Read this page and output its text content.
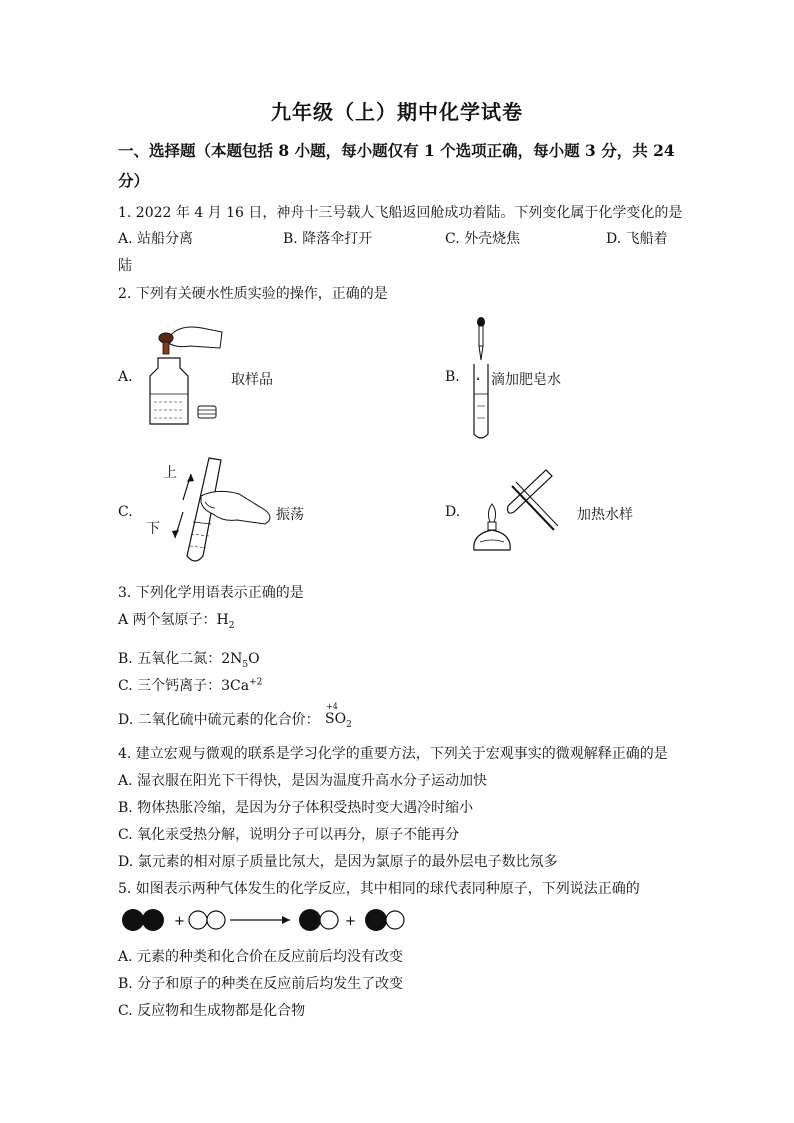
九年级（上）期中化学试卷
一、选择题（本题包括 8 小题，每小题仅有 1 个选项正确，每小题 3 分，共 24
分）
1. 2022 年 4 月 16 日，神舟十三号载人飞船返回舱成功着陆。下列变化属于化学变化的是
A. 站船分离	B. 降落伞打开	C. 外壳烧焦	D. 飞船着
陆
2. 下列有关硬水性质实验的操作，正确的是
A.	取样品	B. 滴加肥皂水
C.
上
下
振荡	D.	加热水样
3. 下列化学用语表示正确的是
A 两个氢原子：$H_2$
B. 五氧化二氮：$2N_5O$
C. 三个钙离子：$3Ca^{+2}$
D. 二氧化硫中硫元素的化合价：
+4
$SO_2$
4. 建立宏观与微观的联系是学习化学的重要方法，下列关于宏观事实的微观解释正确的是
A. 湿衣服在阳光下干得快，是因为温度升高水分子运动加快
B. 物体热胀冷缩，是因为分子体积受热时变大遇冷时缩小
C. 氧化汞受热分解，说明分子可以再分，原子不能再分
D. 氯元素的相对原子质量比氖大，是因为氯原子的最外层电子数比氖多
5. 如图表示两种气体发生的化学反应，其中相同的球代表同种原子，下列说法正确的
+	+
A. 元素的种类和化合价在反应前后均没有改变
B. 分子和原子的种类在反应前后均发生了改变
C. 反应物和生成物都是化合物
